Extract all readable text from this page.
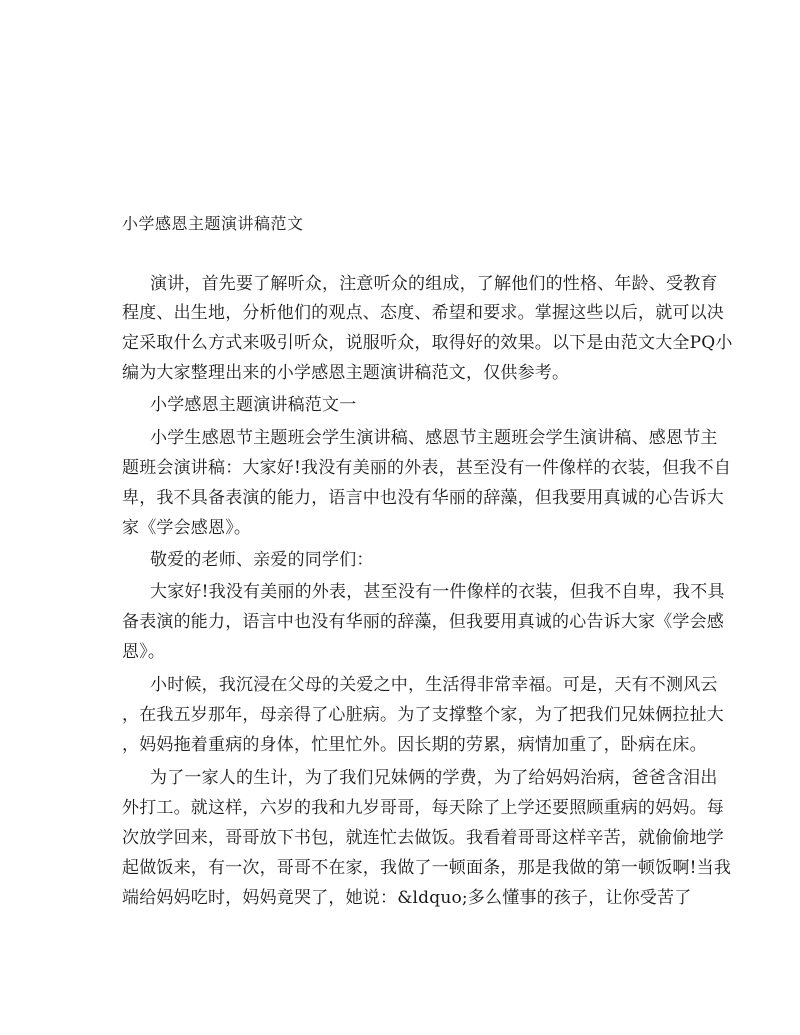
小学感恩主题演讲稿范文
演讲，首先要了解听众，注意听众的组成，了解他们的性格、年龄、受教育
程度、出生地，分析他们的观点、态度、希望和要求。掌握这些以后，就可以决
定采取什么方式来吸引听众，说服听众，取得好的效果。以下是由范文大全PQ小
编为大家整理出来的小学感恩主题演讲稿范文，仅供参考。
小学感恩主题演讲稿范文一
小学生感恩节主题班会学生演讲稿、感恩节主题班会学生演讲稿、感恩节主
题班会演讲稿：大家好!我没有美丽的外表，甚至没有一件像样的衣装，但我不自
卑，我不具备表演的能力，语言中也没有华丽的辞藻，但我要用真诚的心告诉大
家《学会感恩》。
敬爱的老师、亲爱的同学们：
大家好!我没有美丽的外表，甚至没有一件像样的衣装，但我不自卑，我不具
备表演的能力，语言中也没有华丽的辞藻，但我要用真诚的心告诉大家《学会感
恩》。
小时候，我沉浸在父母的关爱之中，生活得非常幸福。可是，天有不测风云
，在我五岁那年，母亲得了心脏病。为了支撑整个家，为了把我们兄妹俩拉扯大
，妈妈拖着重病的身体，忙里忙外。因长期的劳累，病情加重了，卧病在床。
为了一家人的生计，为了我们兄妹俩的学费，为了给妈妈治病，爸爸含泪出
外打工。就这样，六岁的我和九岁哥哥，每天除了上学还要照顾重病的妈妈。每
次放学回来，哥哥放下书包，就连忙去做饭。我看着哥哥这样辛苦，就偷偷地学
起做饭来，有一次，哥哥不在家，我做了一顿面条，那是我做的第一顿饭啊!当我
端给妈妈吃时，妈妈竟哭了，她说：&ldquo;多么懂事的孩子，让你受苦了
